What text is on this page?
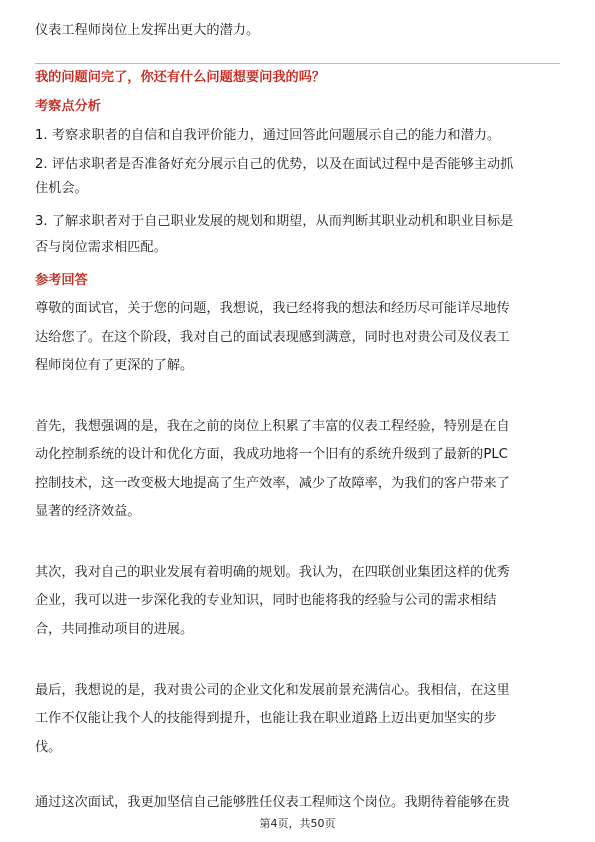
仪表工程师岗位上发挥出更大的潜力。
我的问题问完了，你还有什么问题想要问我的吗？
考察点分析
1. 考察求职者的自信和自我评价能力，通过回答此问题展示自己的能力和潜力。
2. 评估求职者是否准备好充分展示自己的优势，以及在面试过程中是否能够主动抓
住机会。
3. 了解求职者对于自己职业发展的规划和期望，从而判断其职业动机和职业目标是
否与岗位需求相匹配。
参考回答
尊敬的面试官，关于您的问题，我想说，我已经将我的想法和经历尽可能详尽地传
达给您了。在这个阶段，我对自己的面试表现感到满意，同时也对贵公司及仪表工
程师岗位有了更深的了解。
首先，我想强调的是，我在之前的岗位上积累了丰富的仪表工程经验，特别是在自
动化控制系统的设计和优化方面，我成功地将一个旧有的系统升级到了最新的PLC
控制技术，这一改变极大地提高了生产效率，减少了故障率，为我们的客户带来了
显著的经济效益。
其次，我对自己的职业发展有着明确的规划。我认为，在四联创业集团这样的优秀
企业，我可以进一步深化我的专业知识，同时也能将我的经验与公司的需求相结
合，共同推动项目的进展。
最后，我想说的是，我对贵公司的企业文化和发展前景充满信心。我相信，在这里
工作不仅能让我个人的技能得到提升，也能让我在职业道路上迈出更加坚实的步
伐。
通过这次面试，我更加坚信自己能够胜任仪表工程师这个岗位。我期待着能够在贵
第4页，共50页
